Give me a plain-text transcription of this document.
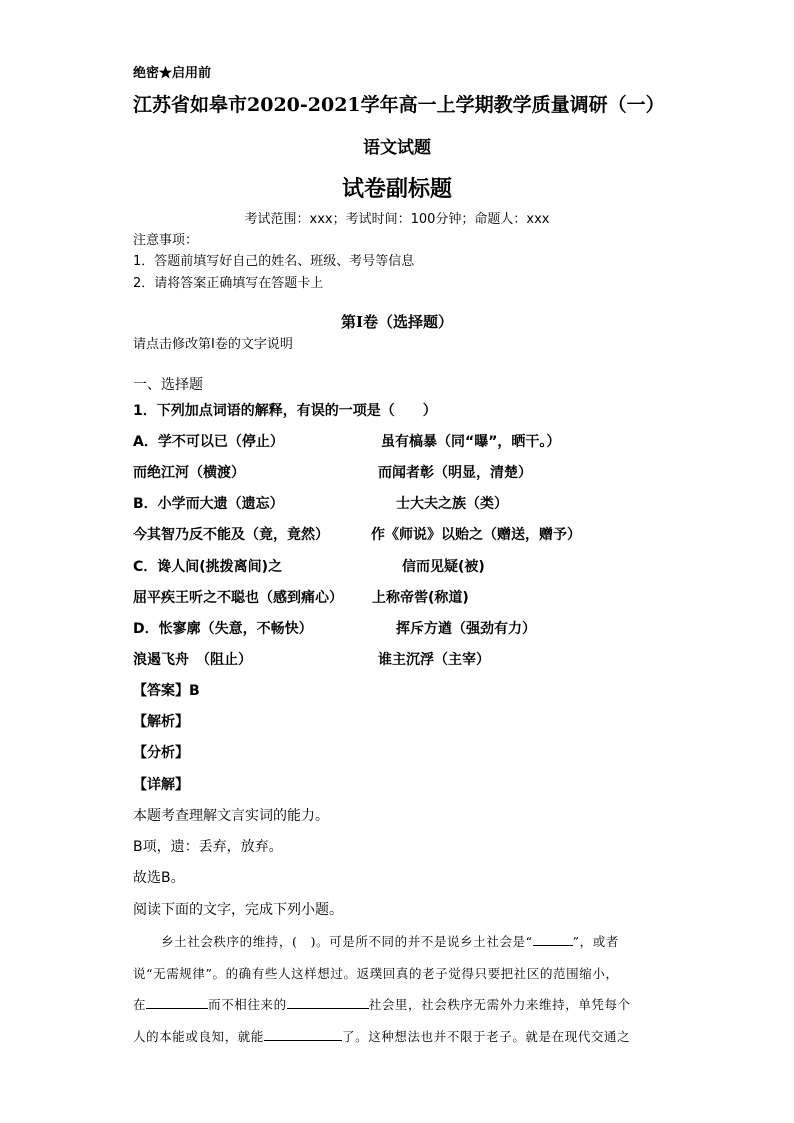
绝密★启用前
江苏省如皋市2020-2021学年高一上学期教学质量调研（一）
语文试题
试卷副标题
考试范围：xxx；考试时间：100分钟；命题人：xxx
注意事项：
1．答题前填写好自己的姓名、班级、考号等信息
2．请将答案正确填写在答题卡上
第I卷（选择题）
请点击修改第I卷的文字说明
一、选择题
1．下列加点词语的解释，有误的一项是（　　）
A．学不可以已（停止）	虽有槁暴（同“曝”，晒干。）
而绝江河（横渡）	而闻者彰（明显，清楚）
B．小学而大遗（遗忘）	士大夫之族（类）
今其智乃反不能及（竟，竟然）	作《师说》以贻之（赠送，赠予）
C．谗人间(挑拨离间)之	信而见疑(被)
屈平疾王听之不聪也（感到痛心） 上称帝喾(称道)
D．怅寥廓（失意，不畅快）	挥斥方遒（强劲有力）
浪遏飞舟　（阻止）	谁主沉浮（主宰）
【答案】B
【解析】
【分析】
【详解】
本题考查理解文言实词的能力。
B项，遗：丢弃，放弃。
故选B。
阅读下面的文字，完成下列小题。
乡土社会秩序的维持，(　)。可是所不同的并不是说乡土社会是“	”，或者
说“无需规律”。的确有些人这样想过。返璞回真的老子觉得只要把社区的范围缩小，
在	而不相往来的	社会里，社会秩序无需外力来维持，单凭每个
人的本能或良知，就能	了。这种想法也并不限于老子。就是在现代交通之
